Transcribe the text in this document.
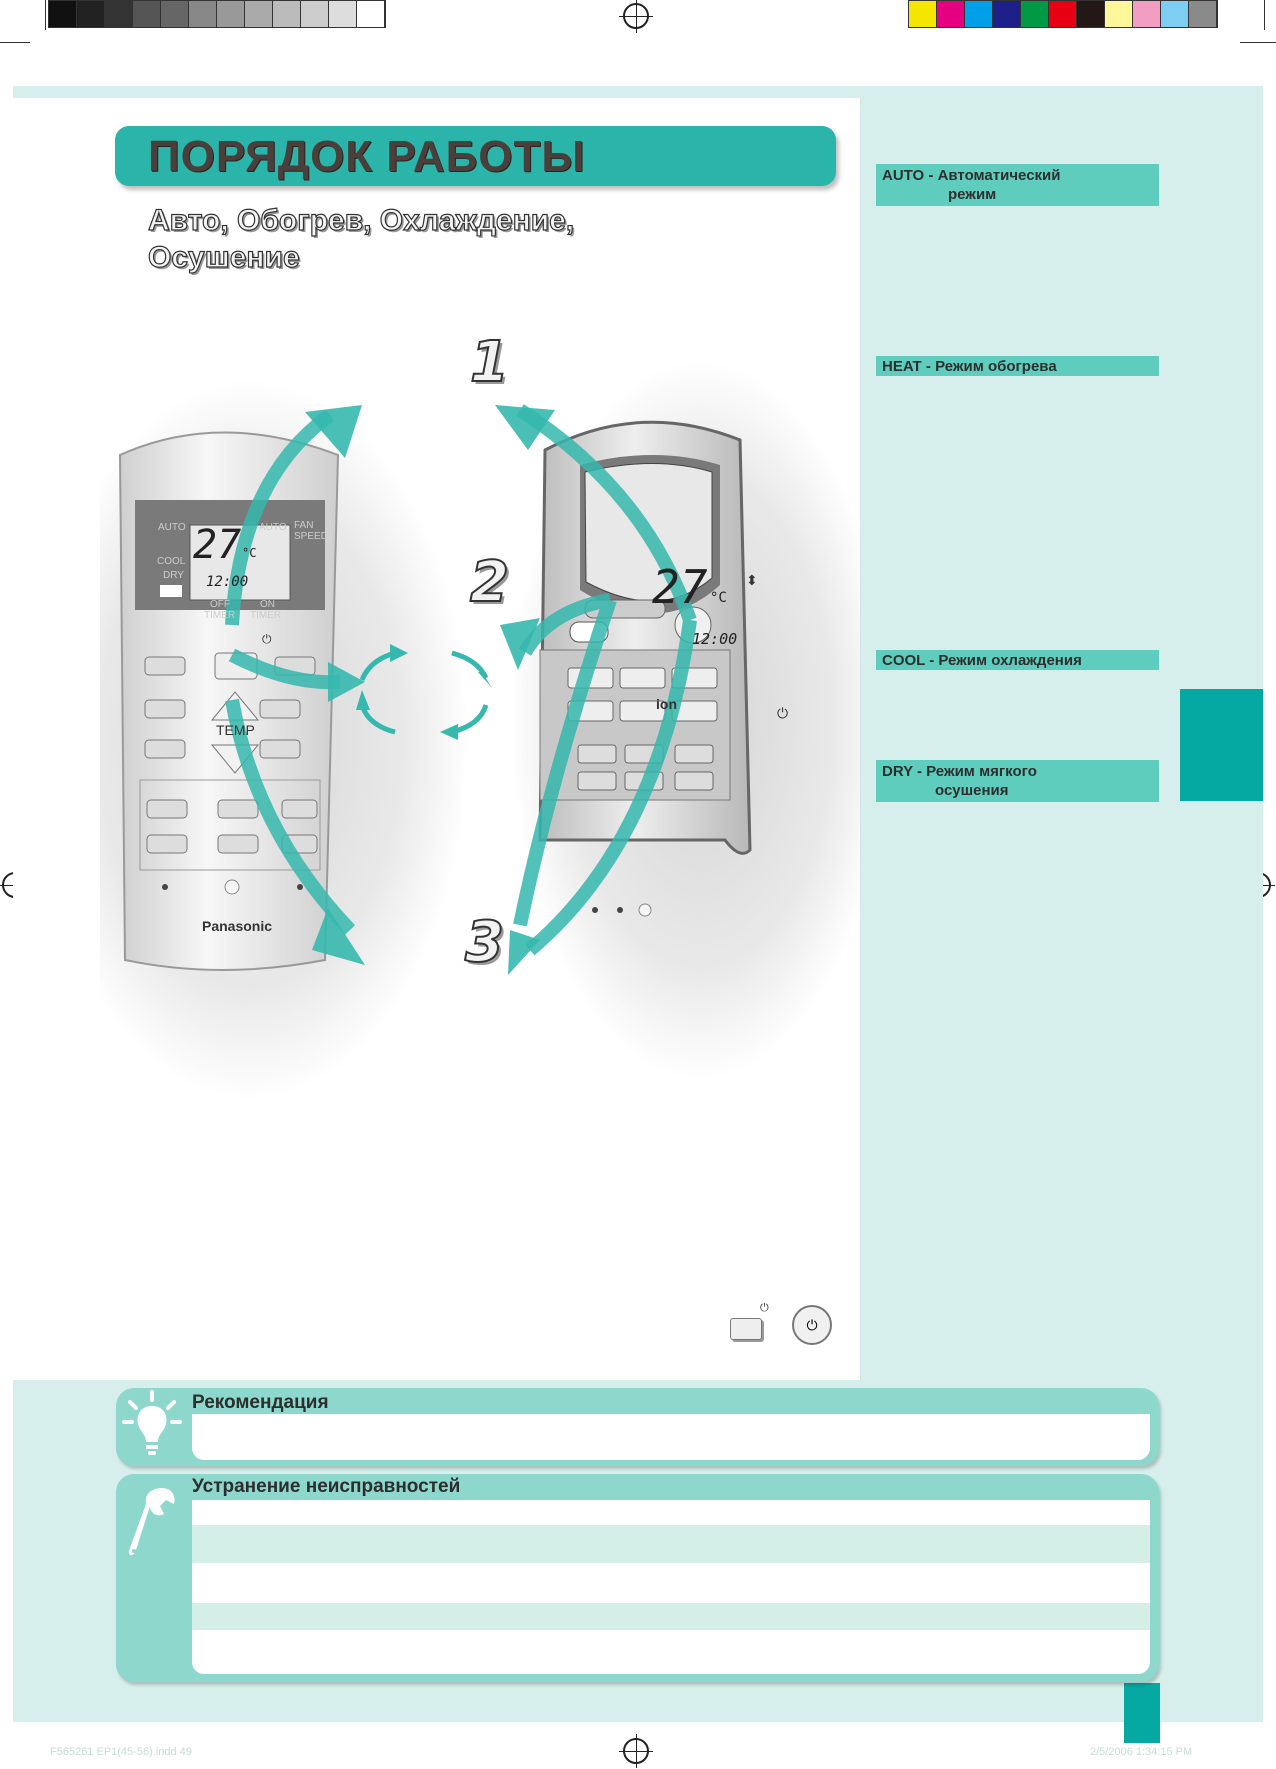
ПОРЯДОК РАБОТЫ
Авто, Обогрев, Охлаждение, Осушение
1
2
3
27 °C
12:00
AUTO	AUTO FAN
SPEED
COOL
DRY
OFF
TIMER
ON
TIMER
TEMP
⏻
Panasonic
27 °C
12:00
ion
⬍
⏻
⏻
⏻
AUTO - Автоматический
режим
HEAT - Режим обогрева
COOL - Режим охлаждения
DRY - Режим мягкого
осушения
Рекомендация
Устранение неисправностей
F565261 EP1(45-56).indd 49	2/5/2006 1:34:15 PM
